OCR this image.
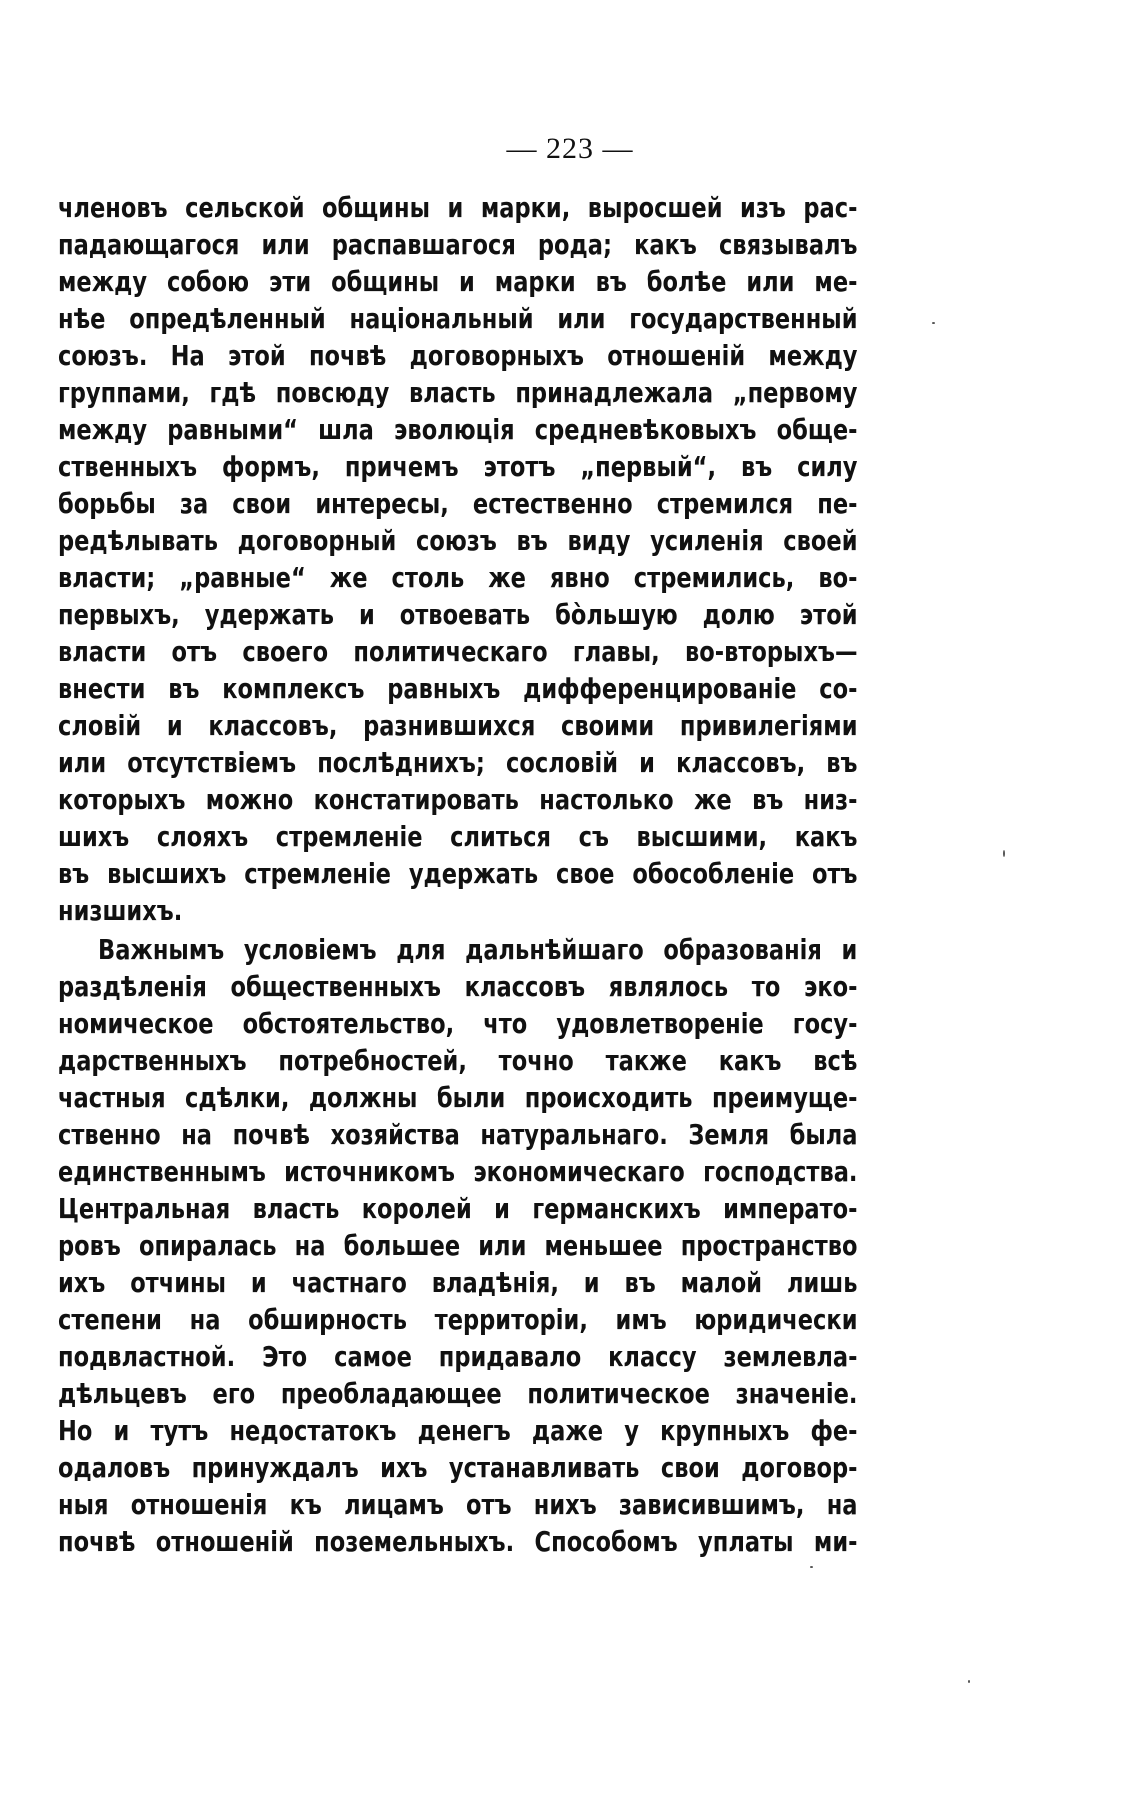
— 223 —
членовъ сельской общины и марки, выросшей изъ рас-
падающагося или распавшагося рода; какъ связывалъ
между собою эти общины и марки въ болѣе или ме-
нѣе опредѣленный національный или государственный
союзъ. На этой почвѣ договорныхъ отношеній между
группами, гдѣ повсюду власть принадлежала „первому
между равными“ шла эволюція средневѣковыхъ обще-
ственныхъ формъ, причемъ этотъ „первый“, въ силу
борьбы за свои интересы, естественно стремился пе-
редѣлывать договорный союзъ въ виду усиленія своей
власти; „равные“ же столь же явно стремились, во-
первыхъ, удержать и отвоевать бо̀льшую долю этой
власти отъ своего политическаго главы, во-вторыхъ—
внести въ комплексъ равныхъ дифференцированіе со-
словій и классовъ, разнившихся своими привилегіями
или отсутствіемъ послѣднихъ; сословій и классовъ, въ
которыхъ можно констатировать настолько же въ низ-
шихъ слояхъ стремленіе слиться съ высшими, какъ
въ высшихъ стремленіе удержать свое обособленіе отъ
низшихъ.
Важнымъ условіемъ для дальнѣйшаго образованія и
раздѣленія общественныхъ классовъ являлось то эко-
номическое обстоятельство, что удовлетвореніе госу-
дарственныхъ потребностей, точно также какъ всѣ
частныя сдѣлки, должны были происходить преимуще-
ственно на почвѣ хозяйства натуральнаго. Земля была
единственнымъ источникомъ экономическаго господства.
Центральная власть королей и германскихъ императо-
ровъ опиралась на большее или меньшее пространство
ихъ отчины и частнаго владѣнія, и въ малой лишь
степени на обширность территоріи, имъ юридически
подвластной. Это самое придавало классу землевла-
дѣльцевъ его преобладающее политическое значеніе.
Но и тутъ недостатокъ денегъ даже у крупныхъ фе-
одаловъ принуждалъ ихъ устанавливать свои договор-
ныя отношенія къ лицамъ отъ нихъ зависившимъ, на
почвѣ отношеній поземельныхъ. Способомъ уплаты ми-
